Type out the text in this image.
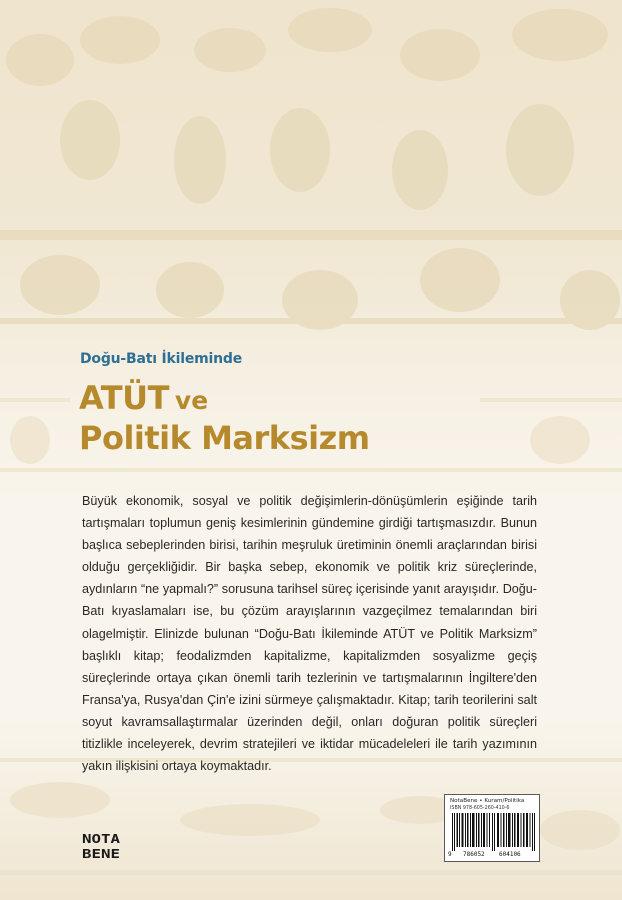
Doğu-Batı İkileminde
ATÜT ve
Politik Marksizm

Büyük ekonomik, sosyal ve politik değişimlerin-dönüşümlerin eşiğinde tarih tartışmaları toplumun geniş kesimlerinin gündemine girdiği tartışmasızdır. Bunun başlıca sebeplerinden birisi, tarihin meşruluk üretiminin önemli araçlarından birisi olduğu gerçekliğidir. Bir başka sebep, ekonomik ve politik kriz süreçlerinde, aydınların “ne yapmalı?” sorusuna tarihsel süreç içerisinde yanıt arayışıdır. Doğu-Batı kıyaslamaları ise, bu çözüm arayışlarının vazgeçilmez temalarından biri olagelmiştir. Elinizde bulunan “Doğu-Batı İkileminde ATÜT ve Politik Marksizm” başlıklı kitap; feodalizmden kapitalizme, kapitalizmden sosyalizme geçiş süreçlerinde ortaya çıkan önemli tarih tezlerinin ve tartışmalarının İngiltere'den Fransa'ya, Rusya'dan Çin'e izini sürmeye çalışmaktadır. Kitap; tarih teorilerini salt soyut kavramsallaştırmalar üzerinden değil, onları doğuran politik süreçleri titizlikle inceleyerek, devrim stratejileri ve iktidar mücadeleleri ile tarih yazımının yakın ilişkisini ortaya koymaktadır.

NOTA
BENE
NotaBene • Kuram/Politika
ISBN 978-605-260-410-6
9 786052 604106
